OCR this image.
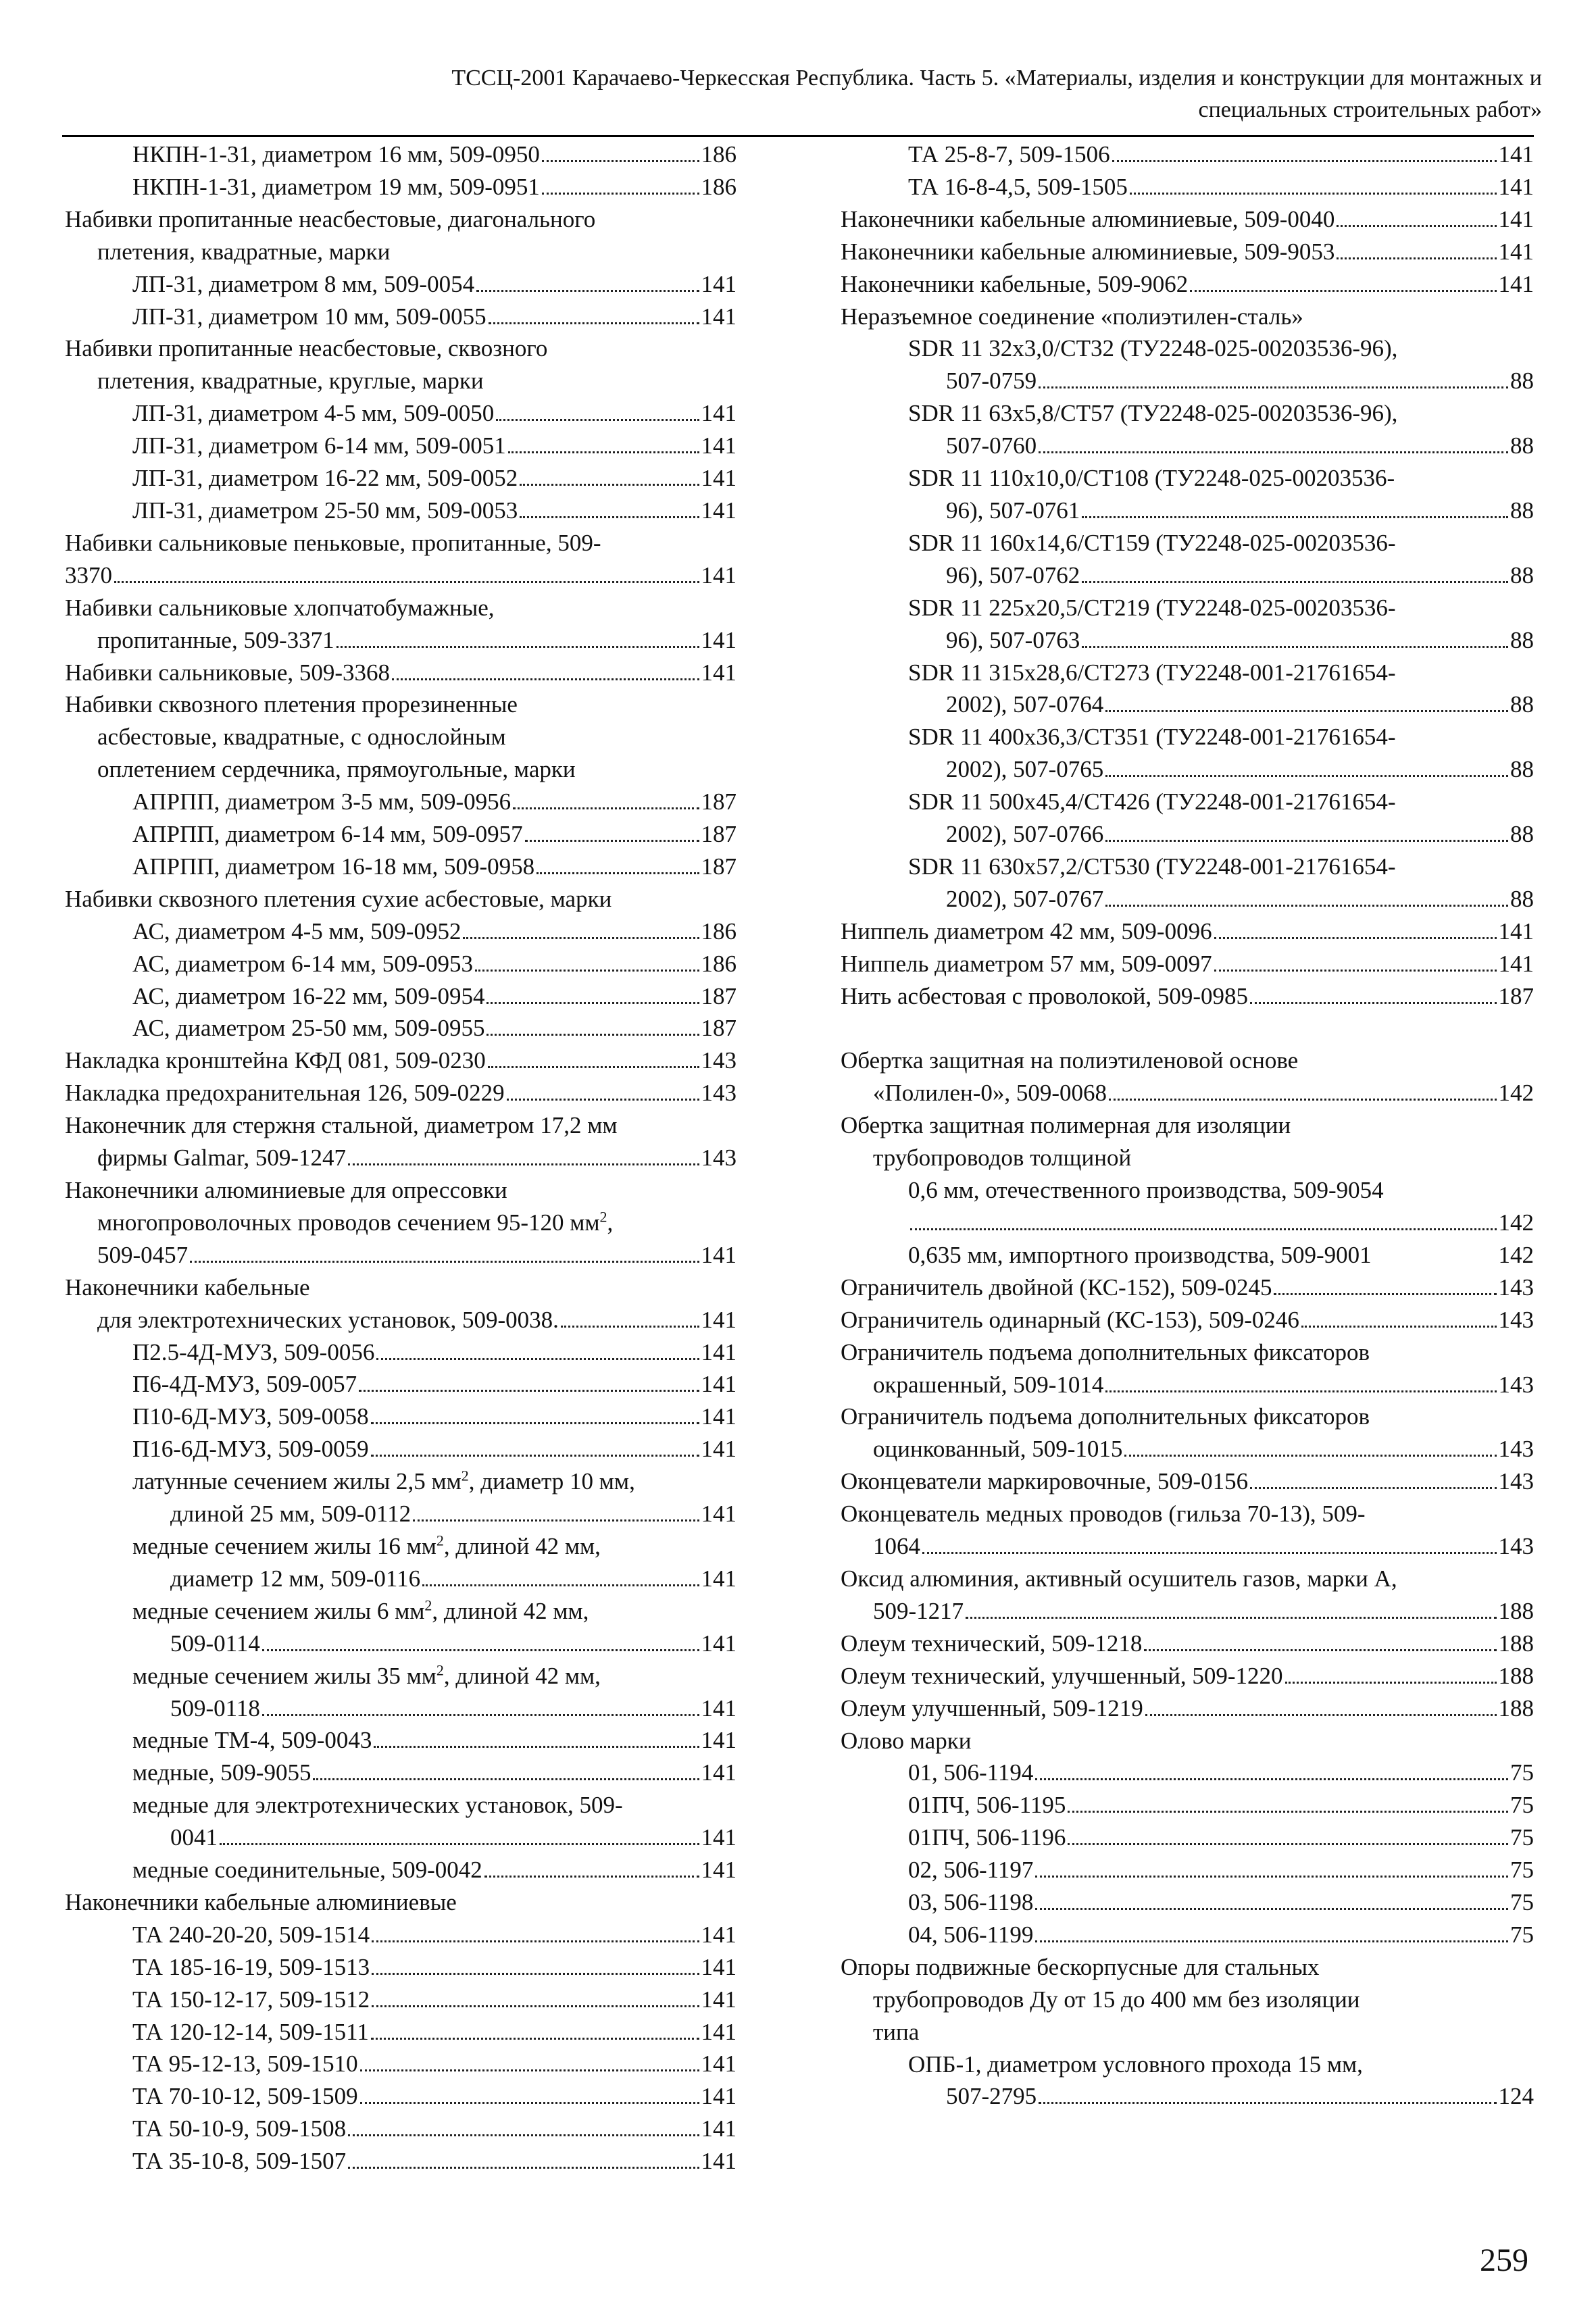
ТССЦ-2001 Карачаево-Черкесская Республика. Часть 5. «Материалы, изделия и конструкции для монтажных и
специальных строительных работ»
НКПН-1-31, диаметром 16 мм, 509-0950	186
НКПН-1-31, диаметром 19 мм, 509-0951	186
Набивки пропитанные неасбестовые, диагонального
плетения, квадратные, марки
ЛП-31, диаметром 8 мм, 509-0054	141
ЛП-31, диаметром 10 мм, 509-0055	141
Набивки пропитанные неасбестовые, сквозного
плетения, квадратные, круглые, марки
ЛП-31, диаметром 4-5 мм, 509-0050	141
ЛП-31, диаметром 6-14 мм, 509-0051	141
ЛП-31, диаметром 16-22 мм, 509-0052	141
ЛП-31, диаметром 25-50 мм, 509-0053	141
Набивки сальниковые пеньковые, пропитанные, 509-
3370	141
Набивки сальниковые хлопчатобумажные,
пропитанные, 509-3371	141
Набивки сальниковые, 509-3368	141
Набивки сквозного плетения прорезиненные
асбестовые, квадратные, с однослойным
оплетением сердечника, прямоугольные, марки
АПРПП, диаметром 3-5 мм, 509-0956	187
АПРПП, диаметром 6-14 мм, 509-0957	187
АПРПП, диаметром 16-18 мм, 509-0958	187
Набивки сквозного плетения сухие асбестовые, марки
АС, диаметром 4-5 мм, 509-0952	186
АС, диаметром 6-14 мм, 509-0953	186
АС, диаметром 16-22 мм, 509-0954	187
АС, диаметром 25-50 мм, 509-0955	187
Накладка кронштейна КФД 081, 509-0230	143
Накладка предохранительная 126, 509-0229	143
Наконечник для стержня стальной, диаметром 17,2 мм
фирмы Galmar, 509-1247	143
Наконечники алюминиевые для опрессовки
многопроволочных проводов сечением 95-120 $мм^2$,
509-0457	141
Наконечники кабельные
для электротехнических установок, 509-0038.	141
П2.5-4Д-МУЗ, 509-0056	141
П6-4Д-МУЗ, 509-0057	141
П10-6Д-МУЗ, 509-0058	141
П16-6Д-МУЗ, 509-0059	141
латунные сечением жилы 2,5 $мм^2$, диаметр 10 мм,
длиной 25 мм, 509-0112	141
медные сечением жилы 16 $мм^2$, длиной 42 мм,
диаметр 12 мм, 509-0116	141
медные сечением жилы 6 $мм^2$, длиной 42 мм,
509-0114	141
медные сечением жилы 35 $мм^2$, длиной 42 мм,
509-0118	141
медные ТМ-4, 509-0043	141
медные, 509-9055	141
медные для электротехнических установок, 509-
0041	141
медные соединительные, 509-0042	141
Наконечники кабельные алюминиевые
ТА 240-20-20, 509-1514	141
ТА 185-16-19, 509-1513	141
ТА 150-12-17, 509-1512	141
ТА 120-12-14, 509-1511	141
ТА 95-12-13, 509-1510	141
ТА 70-10-12, 509-1509	141
ТА 50-10-9, 509-1508	141
ТА 35-10-8, 509-1507	141
ТА 25-8-7, 509-1506	141
ТА 16-8-4,5, 509-1505	141
Наконечники кабельные алюминиевые, 509-0040	141
Наконечники кабельные алюминиевые, 509-9053	141
Наконечники кабельные, 509-9062	141
Неразъемное соединение «полиэтилен-сталь»
SDR 11 32х3,0/СТ32 (ТУ2248-025-00203536-96),
507-0759	88
SDR 11 63х5,8/СТ57 (ТУ2248-025-00203536-96),
507-0760	88
SDR 11 110х10,0/СТ108 (ТУ2248-025-00203536-
96), 507-0761	88
SDR 11 160х14,6/СТ159 (ТУ2248-025-00203536-
96), 507-0762	88
SDR 11 225х20,5/СТ219 (ТУ2248-025-00203536-
96), 507-0763	88
SDR 11 315х28,6/СТ273 (ТУ2248-001-21761654-
2002), 507-0764	88
SDR 11 400х36,3/СТ351 (ТУ2248-001-21761654-
2002), 507-0765	88
SDR 11 500х45,4/СТ426 (ТУ2248-001-21761654-
2002), 507-0766	88
SDR 11 630х57,2/СТ530 (ТУ2248-001-21761654-
2002), 507-0767	88
Ниппель диаметром 42 мм, 509-0096	141
Ниппель диаметром 57 мм, 509-0097	141
Нить асбестовая с проволокой, 509-0985	187
Обертка защитная на полиэтиленовой основе
«Полилен-0», 509-0068	142
Обертка защитная полимерная для изоляции
трубопроводов толщиной
0,6 мм, отечественного производства, 509-9054
142
0,635 мм, импортного производства, 509-9001	142
Ограничитель двойной (КС-152), 509-0245	143
Ограничитель одинарный (КС-153), 509-0246	143
Ограничитель подъема дополнительных фиксаторов
окрашенный, 509-1014	143
Ограничитель подъема дополнительных фиксаторов
оцинкованный, 509-1015	143
Оконцеватели маркировочные, 509-0156	143
Оконцеватель медных проводов (гильза 70-13), 509-
1064	143
Оксид алюминия, активный осушитель газов, марки А,
509-1217	188
Олеум технический, 509-1218	188
Олеум технический, улучшенный, 509-1220	188
Олеум улучшенный, 509-1219	188
Олово марки
01, 506-1194	75
01ПЧ, 506-1195	75
01ПЧ, 506-1196	75
02, 506-1197	75
03, 506-1198	75
04, 506-1199	75
Опоры подвижные бескорпусные для стальных
трубопроводов Ду от 15 до 400 мм без изоляции
типа
ОПБ-1, диаметром условного прохода 15 мм,
507-2795	124
259
